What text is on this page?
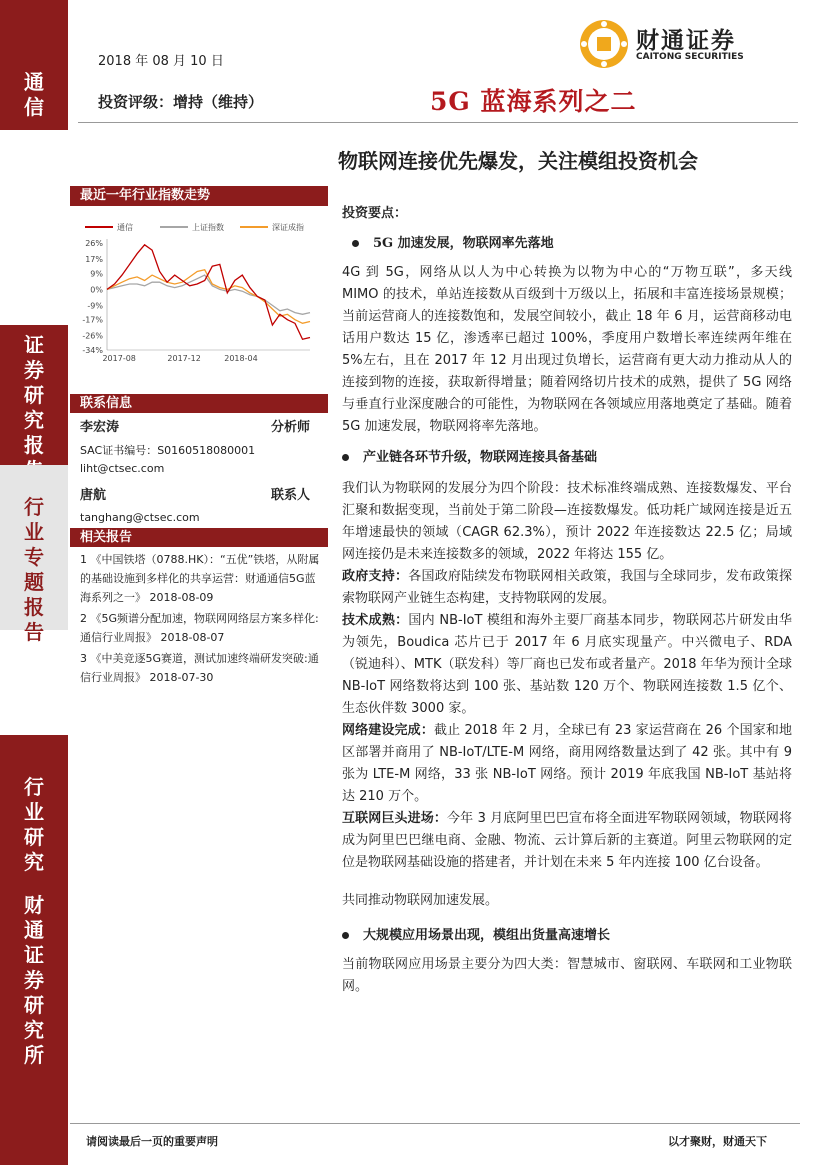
通
信
证
券
研
究
报
行
业
专
题
报
告
行
业
研
究
财
通
证
券
研
究
所
2018 年 08 月 10 日
财通证券
CAITONG SECURITIES
投资评级：增持（维持）	5G 蓝海系列之二
物联网连接优先爆发，关注模组投资机会
最近一年行业指数走势
通信	上证指数	深证成指
26%
17%
9%
0%
-9%
-17%
-26%
-34%
2017-08	2017-12	2018-04
联系信息
李宏涛	分析师
SAC证书编号：S0160518080001
liht@ctsec.com
唐航	联系人
tanghang@ctsec.com
相关报告
1 《中国铁塔（0788.HK）：“五优”铁塔，从附属的基础设施到多样化的共享运营：财通通信5G蓝海系列之一》 2018-08-09
2 《5G频谱分配加速，物联网网络层方案多样化:通信行业周报》 2018-08-07
3 《中美竞逐5G赛道，测试加速终端研发突破:通信行业周报》 2018-07-30
投资要点：
5G 加速发展，物联网率先落地
4G 到 5G，网络从以人为中心转换为以物为中心的“万物互联”，多天线 MIMO 的技术，单站连接数从百级到十万级以上，拓展和丰富连接场景规模；当前运营商人的连接数饱和，发展空间较小，截止 18 年 6 月，运营商移动电话用户数达 15 亿，渗透率已超过 100%，季度用户数增长率连续两年维在 5%左右，且在 2017 年 12 月出现过负增长，运营商有更大动力推动从人的连接到物的连接，获取新得增量；随着网络切片技术的成熟，提供了 5G 网络与垂直行业深度融合的可能性，为物联网在各领域应用落地奠定了基础。随着 5G 加速发展，物联网将率先落地。
产业链各环节升级，物联网连接具备基础
我们认为物联网的发展分为四个阶段：技术标准终端成熟、连接数爆发、平台汇聚和数据变现，当前处于第二阶段—连接数爆发。低功耗广域网连接是近五年增速最快的领域（CAGR 62.3%），预计 2022 年连接数达 22.5 亿；局域网连接仍是未来连接数多的领域，2022 年将达 155 亿。
政府支持：各国政府陆续发布物联网相关政策，我国与全球同步，发布政策探索物联网产业链生态构建，支持物联网的发展。
技术成熟：国内 NB-IoT 模组和海外主要厂商基本同步，物联网芯片研发由华为领先，Boudica 芯片已于 2017 年 6 月底实现量产。中兴微电子、RDA（锐迪科）、MTK（联发科）等厂商也已发布或者量产。2018 年华为预计全球 NB-IoT 网络数将达到 100 张、基站数 120 万个、物联网连接数 1.5 亿个、生态伙伴数 3000 家。
网络建设完成：截止 2018 年 2 月，全球已有 23 家运营商在 26 个国家和地区部署并商用了 NB-IoT/LTE-M 网络，商用网络数量达到了 42 张。其中有 9 张为 LTE-M 网络，33 张 NB-IoT 网络。预计 2019 年底我国 NB-IoT 基站将达 210 万个。
互联网巨头进场：今年 3 月底阿里巴巴宣布将全面进军物联网领域，物联网将成为阿里巴巴继电商、金融、物流、云计算后新的主赛道。阿里云物联网的定位是物联网基础设施的搭建者，并计划在未来 5 年内连接 100 亿台设备。
共同推动物联网加速发展。
大规模应用场景出现，模组出货量高速增长
当前物联网应用场景主要分为四大类：智慧城市、窗联网、车联网和工业物联网。
请阅读最后一页的重要声明	以才聚财，财通天下
